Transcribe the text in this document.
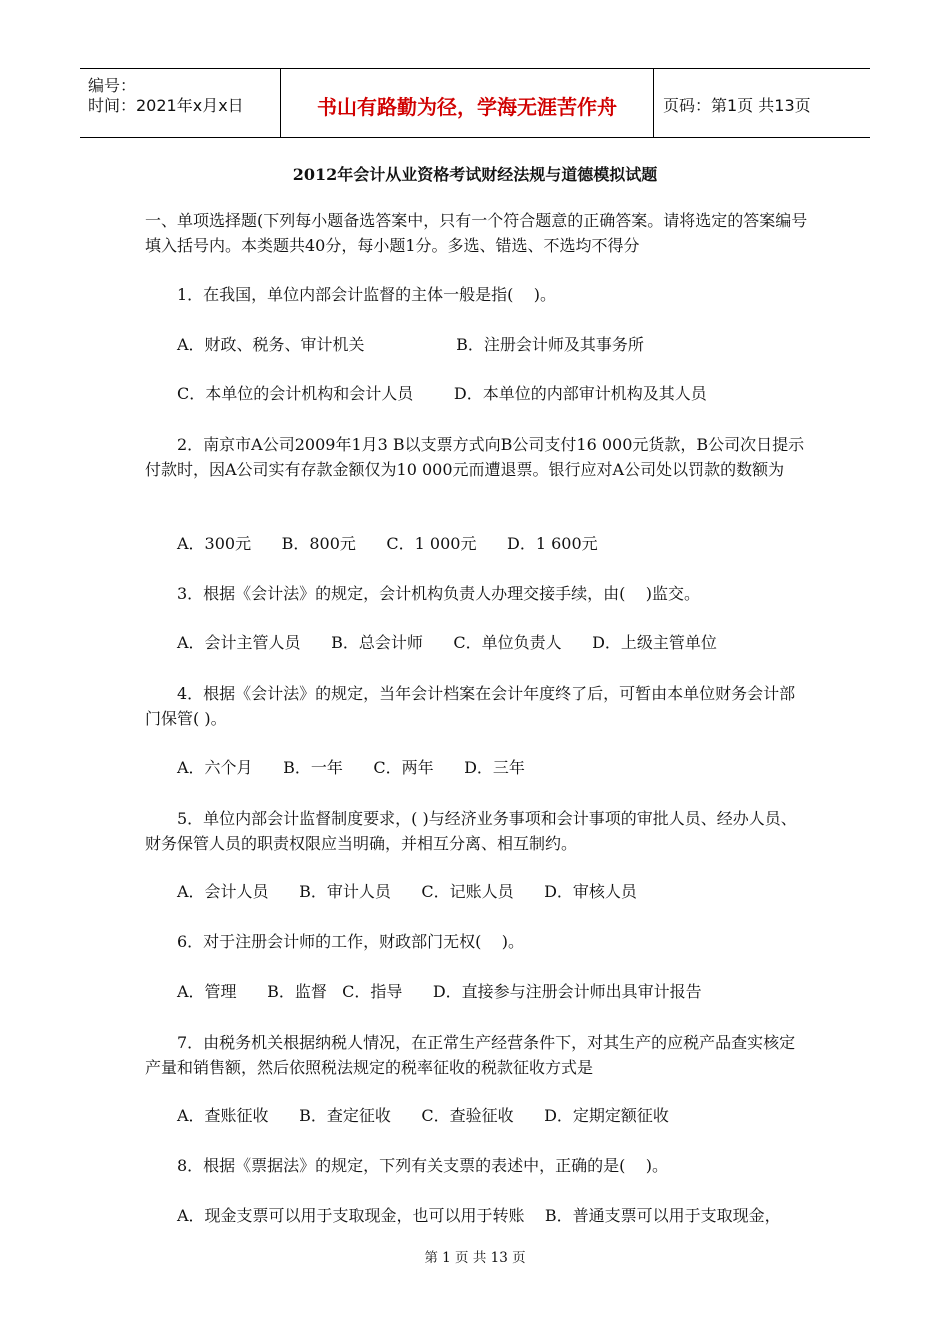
编号：
时间：2021年x月x日	书山有路勤为径，学海无涯苦作舟	页码：第1页 共13页
2012年会计从业资格考试财经法规与道德模拟试题
一、单项选择题(下列每小题备选答案中，只有一个符合题意的正确答案。请将选定的答案编号填入括号内。本类题共40分，每小题1分。多选、错选、不选均不得分
1．在我国，单位内部会计监督的主体一般是指(    )。
A．财政、税务、审计机关                  B．注册会计师及其事务所
C．本单位的会计机构和会计人员        D．本单位的内部审计机构及其人员
2．南京市A公司2009年1月3 B以支票方式向B公司支付16 000元货款，B公司次日提示付款时，因A公司实有存款金额仅为10 000元而遭退票。银行应对A公司处以罚款的数额为
A．300元      B．800元      C．1 000元      D．1 600元
3．根据《会计法》的规定，会计机构负责人办理交接手续，由(    )监交。
A．会计主管人员      B．总会计师      C．单位负责人      D．上级主管单位
4．根据《会计法》的规定，当年会计档案在会计年度终了后，可暂由本单位财务会计部门保管( )。
A．六个月      B．一年      C．两年      D．三年
5．单位内部会计监督制度要求，( )与经济业务事项和会计事项的审批人员、经办人员、财务保管人员的职责权限应当明确，并相互分离、相互制约。
A．会计人员      B．审计人员      C．记账人员      D．审核人员
6．对于注册会计师的工作，财政部门无权(    )。
A．管理      B．监督   C．指导      D．直接参与注册会计师出具审计报告
7．由税务机关根据纳税人情况，在正常生产经营条件下，对其生产的应税产品查实核定产量和销售额，然后依照税法规定的税率征收的税款征收方式是
A．查账征收      B．查定征收      C．查验征收      D．定期定额征收
8．根据《票据法》的规定，下列有关支票的表述中，正确的是(    )。
A．现金支票可以用于支取现金，也可以用于转账    B．普通支票可以用于支取现金，
第 1 页 共 13 页
